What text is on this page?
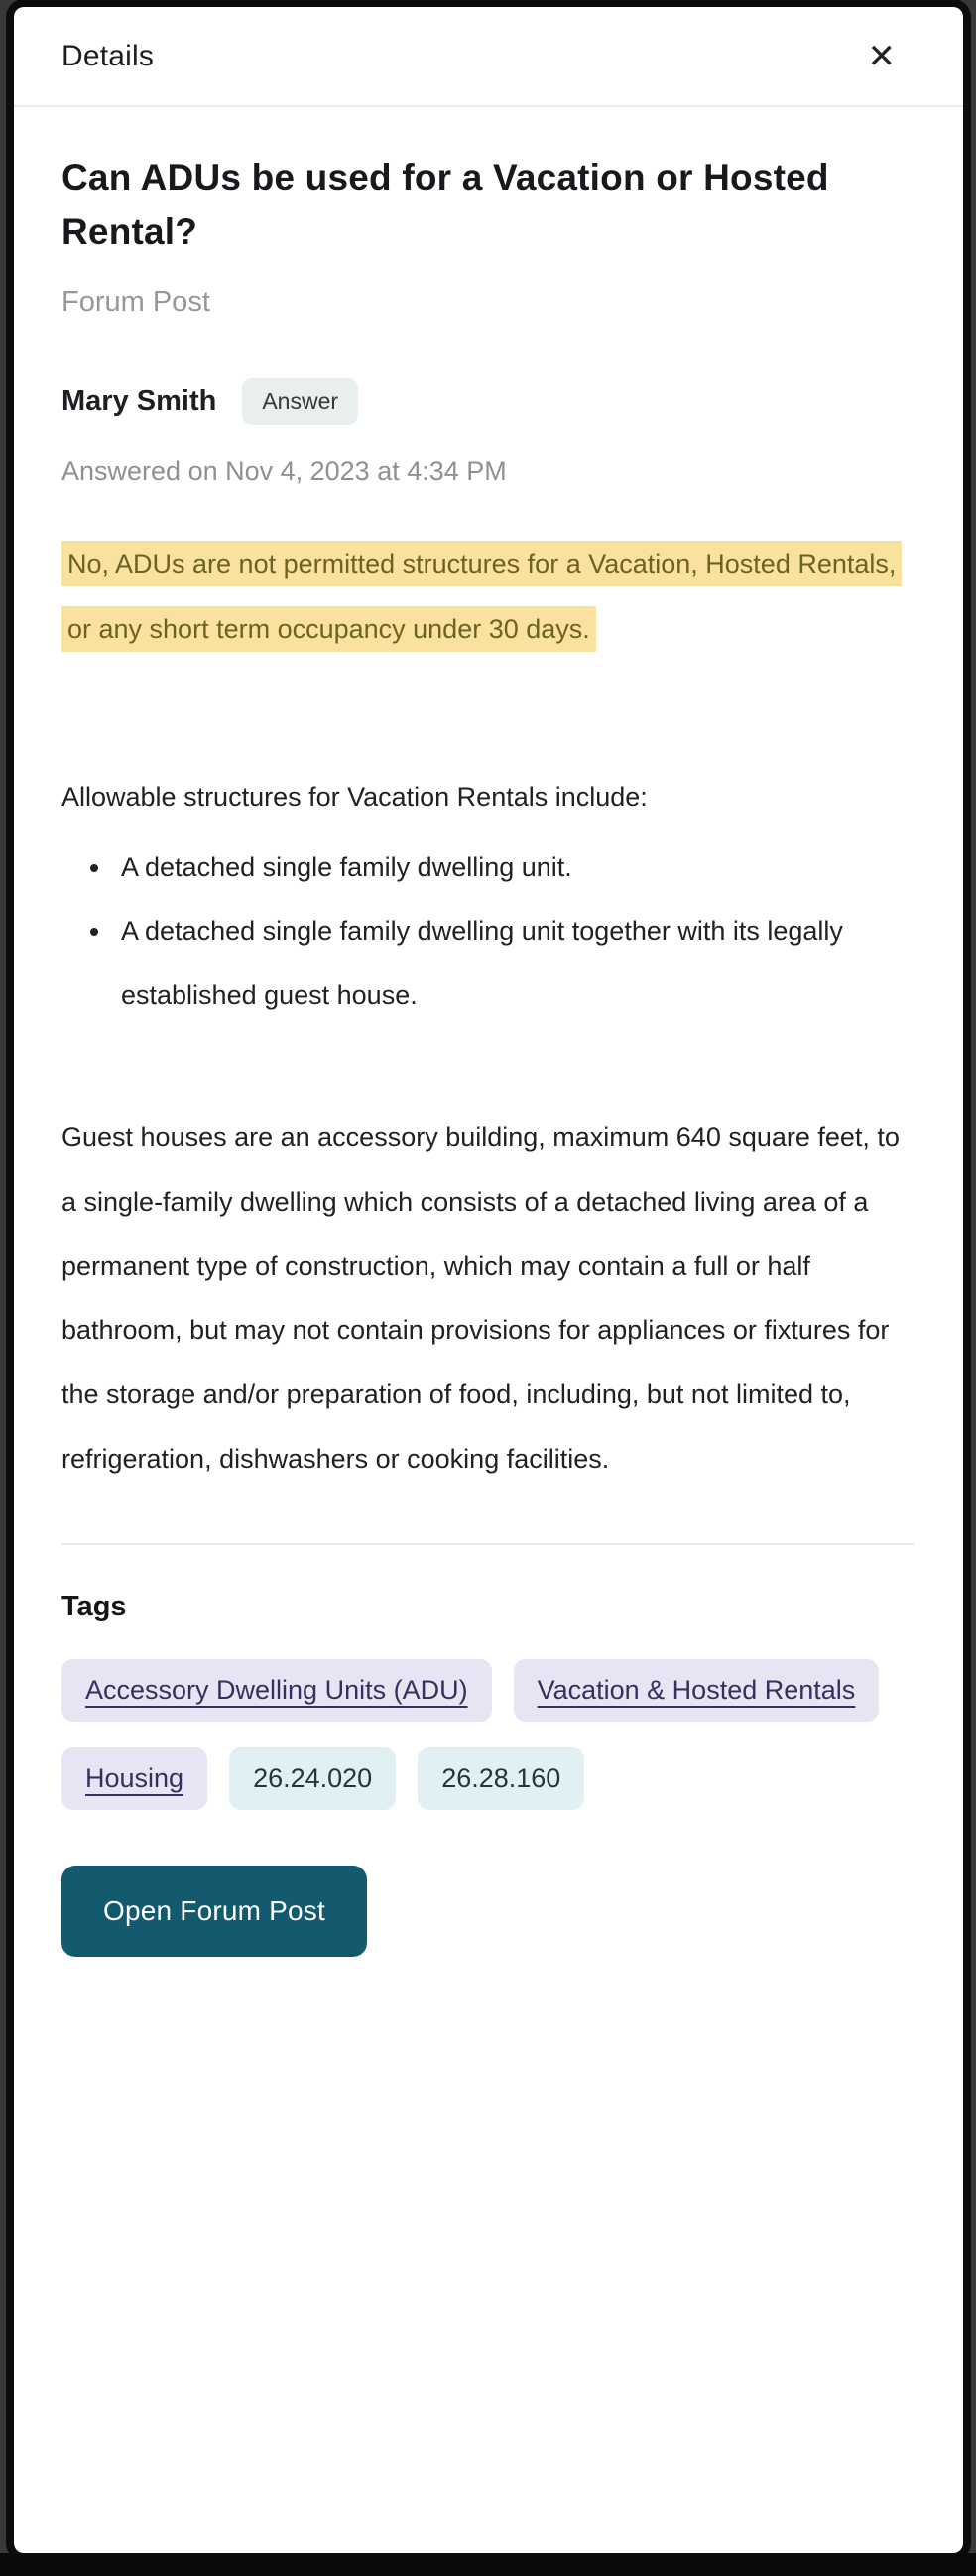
Details	✕
Can ADUs be used for a Vacation or Hosted Rental?
Forum Post
Mary Smith	Answer
Answered on Nov 4, 2023 at 4:34 PM
No, ADUs are not permitted structures for a Vacation, Hosted Rentals, or any short term occupancy under 30 days.
Allowable structures for Vacation Rentals include:
• A detached single family dwelling unit.
• A detached single family dwelling unit together with its legally established guest house.
Guest houses are an accessory building, maximum 640 square feet, to a single-family dwelling which consists of a detached living area of a permanent type of construction, which may contain a full or half bathroom, but may not contain provisions for appliances or fixtures for the storage and/or preparation of food, including, but not limited to, refrigeration, dishwashers or cooking facilities.
Tags
Accessory Dwelling Units (ADU)	Vacation & Hosted Rentals
Housing	26.24.020	26.28.160
Open Forum Post
